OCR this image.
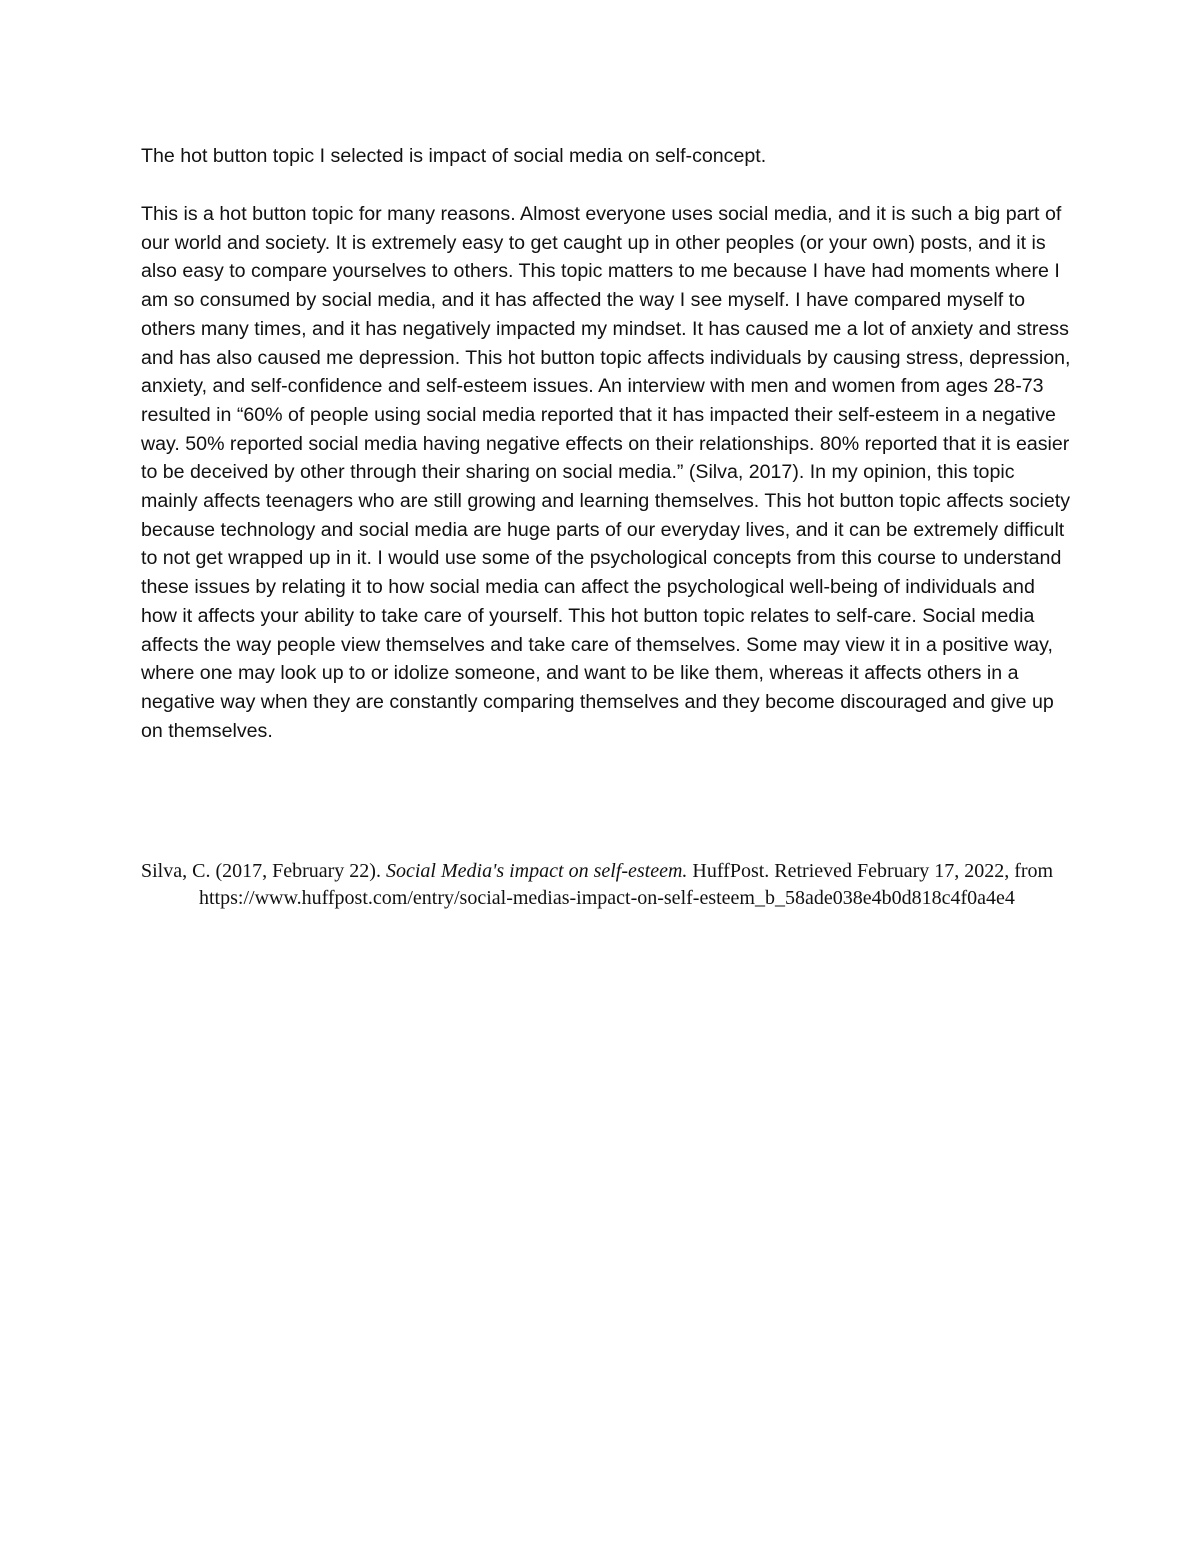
The hot button topic I selected is impact of social media on self-concept.

This is a hot button topic for many reasons. Almost everyone uses social media, and it is such a big part of our world and society. It is extremely easy to get caught up in other peoples (or your own) posts, and it is also easy to compare yourselves to others. This topic matters to me because I have had moments where I am so consumed by social media, and it has affected the way I see myself. I have compared myself to others many times, and it has negatively impacted my mindset. It has caused me a lot of anxiety and stress and has also caused me depression. This hot button topic affects individuals by causing stress, depression, anxiety, and self-confidence and self-esteem issues. An interview with men and women from ages 28-73 resulted in “60% of people using social media reported that it has impacted their self-esteem in a negative way. 50% reported social media having negative effects on their relationships. 80% reported that it is easier to be deceived by other through their sharing on social media.” (Silva, 2017). In my opinion, this topic mainly affects teenagers who are still growing and learning themselves. This hot button topic affects society because technology and social media are huge parts of our everyday lives, and it can be extremely difficult to not get wrapped up in it. I would use some of the psychological concepts from this course to understand these issues by relating it to how social media can affect the psychological well-being of individuals and how it affects your ability to take care of yourself. This hot button topic relates to self-care. Social media affects the way people view themselves and take care of themselves. Some may view it in a positive way, where one may look up to or idolize someone, and want to be like them, whereas it affects others in a negative way when they are constantly comparing themselves and they become discouraged and give up on themselves.

Silva, C. (2017, February 22). Social Media's impact on self-esteem. HuffPost. Retrieved February 17, 2022, from https://www.huffpost.com/entry/social-medias-impact-on-self-esteem_b_58ade038e4b0d818c4f0a4e4
